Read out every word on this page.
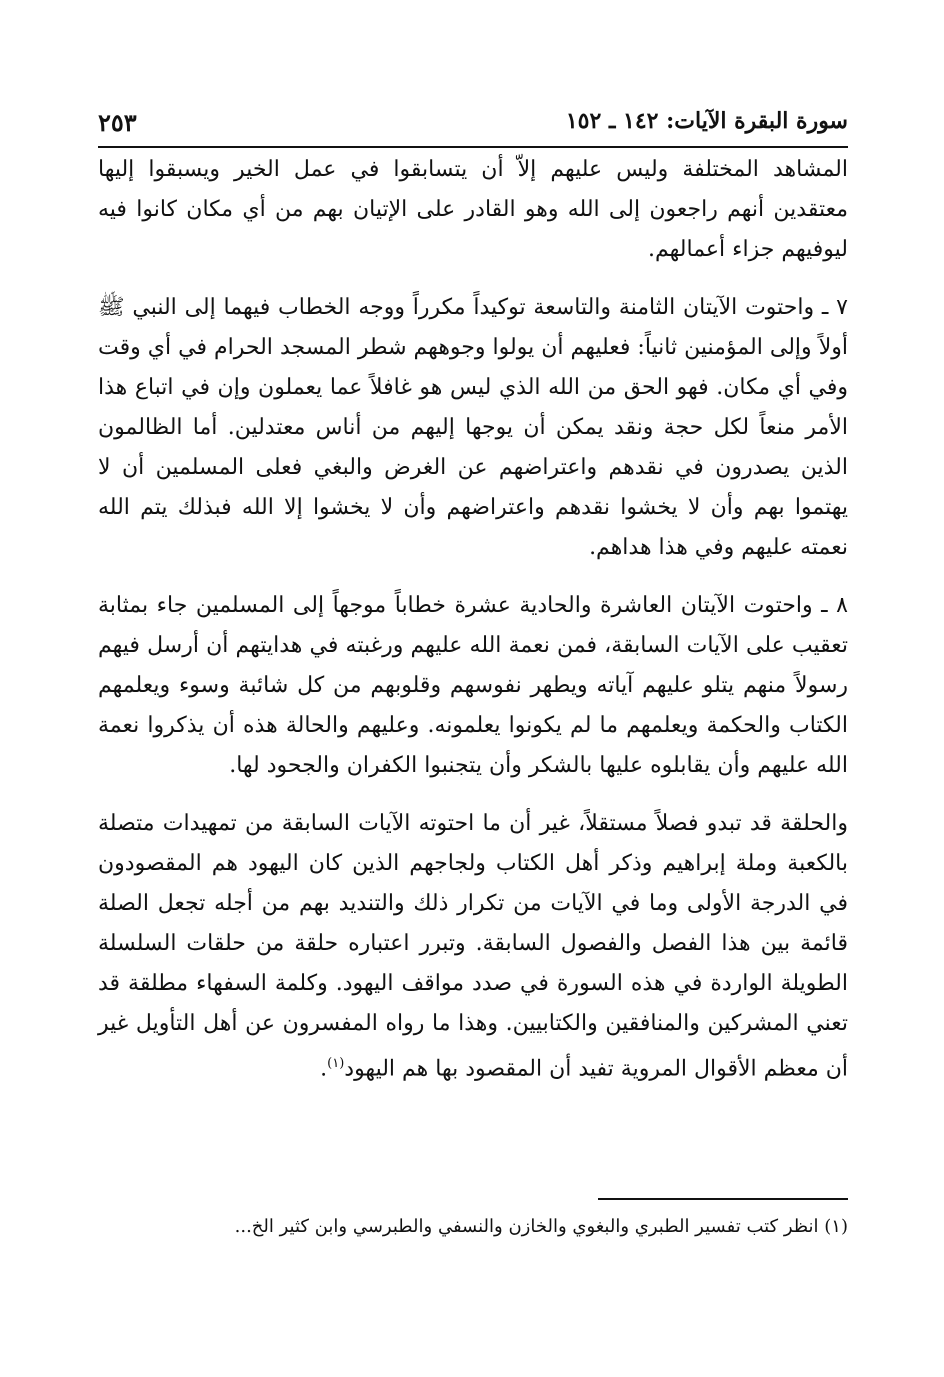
٢٥٣	سورة البقرة الآيات: ١٤٢ ـ ١٥٢

المشاهد المختلفة وليس عليهم إلاّ أن يتسابقوا في عمل الخير ويسبقوا إليها معتقدين أنهم راجعون إلى الله وهو القادر على الإتيان بهم من أي مكان كانوا فيه ليوفيهم جزاء أعمالهم.

٧ ـ واحتوت الآيتان الثامنة والتاسعة توكيداً مكرراً ووجه الخطاب فيهما إلى النبي ﷺ أولاً وإلى المؤمنين ثانياً: فعليهم أن يولوا وجوههم شطر المسجد الحرام في أي وقت وفي أي مكان. فهو الحق من الله الذي ليس هو غافلاً عما يعملون وإن في اتباع هذا الأمر منعاً لكل حجة ونقد يمكن أن يوجها إليهم من أناس معتدلين. أما الظالمون الذين يصدرون في نقدهم واعتراضهم عن الغرض والبغي فعلى المسلمين أن لا يهتموا بهم وأن لا يخشوا نقدهم واعتراضهم وأن لا يخشوا إلا الله فبذلك يتم الله نعمته عليهم وفي هذا هداهم.

٨ ـ واحتوت الآيتان العاشرة والحادية عشرة خطاباً موجهاً إلى المسلمين جاء بمثابة تعقيب على الآيات السابقة، فمن نعمة الله عليهم ورغبته في هدايتهم أن أرسل فيهم رسولاً منهم يتلو عليهم آياته ويطهر نفوسهم وقلوبهم من كل شائبة وسوء ويعلمهم الكتاب والحكمة ويعلمهم ما لم يكونوا يعلمونه. وعليهم والحالة هذه أن يذكروا نعمة الله عليهم وأن يقابلوه عليها بالشكر وأن يتجنبوا الكفران والجحود لها.

والحلقة قد تبدو فصلاً مستقلاً، غير أن ما احتوته الآيات السابقة من تمهيدات متصلة بالكعبة وملة إبراهيم وذكر أهل الكتاب ولجاجهم الذين كان اليهود هم المقصودون في الدرجة الأولى وما في الآيات من تكرار ذلك والتنديد بهم من أجله تجعل الصلة قائمة بين هذا الفصل والفصول السابقة. وتبرر اعتباره حلقة من حلقات السلسلة الطويلة الواردة في هذه السورة في صدد مواقف اليهود. وكلمة السفهاء مطلقة قد تعني المشركين والمنافقين والكتابيين. وهذا ما رواه المفسرون عن أهل التأويل غير أن معظم الأقوال المروية تفيد أن المقصود بها هم اليهود$^{(١)}$.

(١) انظر كتب تفسير الطبري والبغوي والخازن والنسفي والطبرسي وابن كثير الخ...
